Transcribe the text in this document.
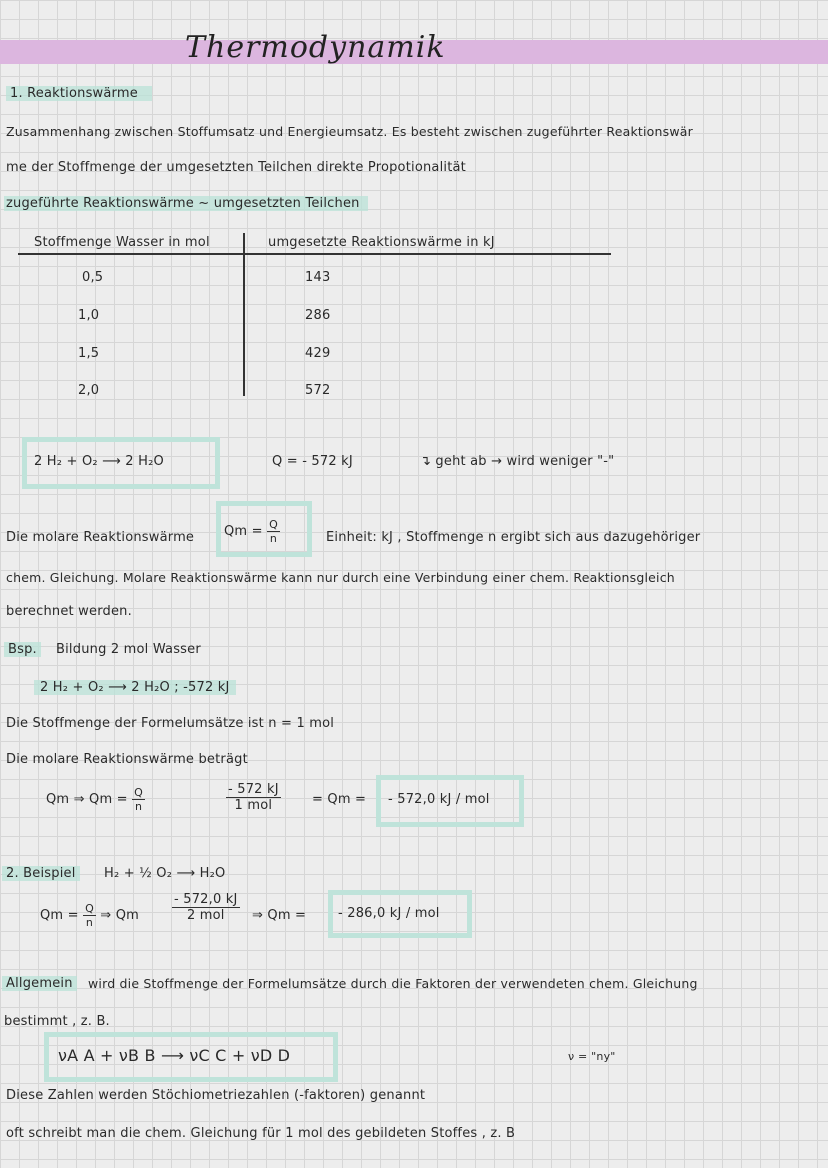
Thermodynamik
1. Reaktionswärme
Zusammenhang zwischen Stoffumsatz und Energieumsatz. Es besteht zwischen zugeführter Reaktionswär
me der Stoffmenge der umgesetzten Teilchen direkte Propotionalität
zugeführte Reaktionswärme ~ umgesetzten Teilchen
Stoffmenge Wasser in mol	umgesetzte Reaktionswärme in kJ
0,5	143
1,0	286
1,5	429
2,0	572
2 H₂ + O₂ ⟶ 2 H₂O	Q = - 572 kJ	↴ geht ab → wird weniger "-"
Die molare Reaktionswärme $Qm = \frac{Q}{n}$	Einheit: kJ , Stoffmenge n ergibt sich aus dazugehöriger
chem. Gleichung. Molare Reaktionswärme kann nur durch eine Verbindung einer chem. Reaktionsgleich
berechnet werden.
Bsp.	Bildung 2 mol Wasser
2 H₂ + O₂ ⟶ 2 H₂O ; -572 kJ
Die Stoffmenge der Formelumsätze ist n = 1 mol
Die molare Reaktionswärme beträgt
Qm ⇒ $Qm = \frac{Q}{n}$	$\frac{- 572 kJ}{\text{1 mol}} = Qm$ = - 572,0 kJ / mol
2. Beispiel	H₂ + ½ O₂ ⟶ H₂O
$Qm = \frac{Q}{n}$ ⇒ Qm	$\frac{- 572,0 kJ}{\text{2 mol}}$ ⇒ Qm = - 286,0 kJ / mol
Allgemein	wird die Stoffmenge der Formelumsätze durch die Faktoren der verwendeten chem. Gleichung
bestimmt , z. B.
νA A + νB B ⟶ νC C + νD D	ν = "ny"
Diese Zahlen werden Stöchiometriezahlen (-faktoren) genannt
oft schreibt man die chem. Gleichung für 1 mol des gebildeten Stoffes , z. B
